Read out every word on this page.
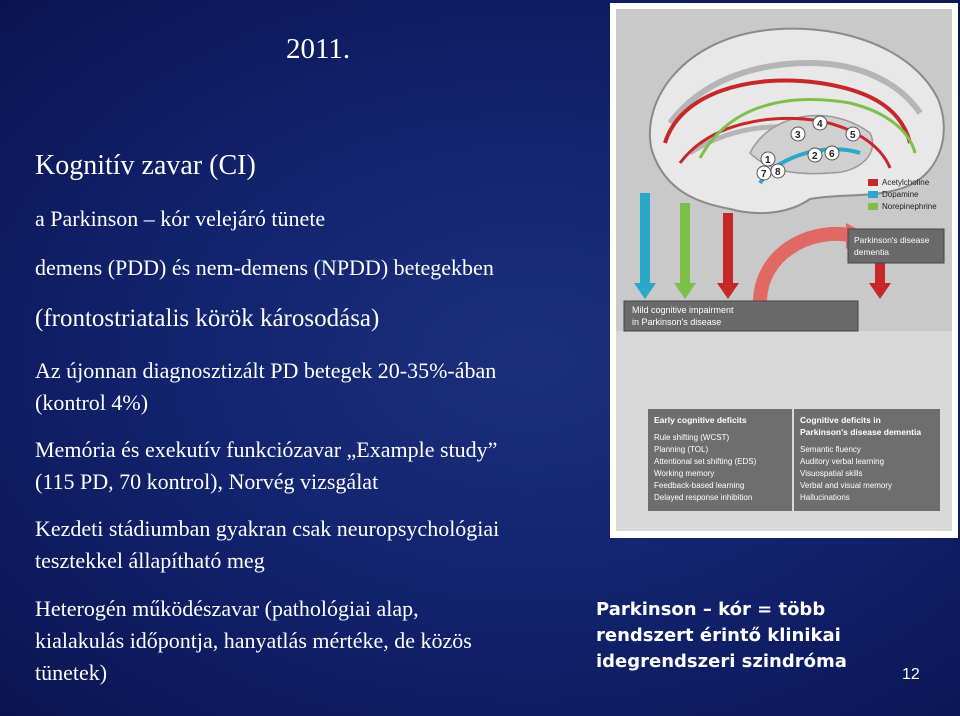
2011.
Kognitív zavar (CI)
a Parkinson – kór velejáró tünete
demens (PDD) és nem-demens (NPDD) betegekben
(frontostriatalis körök károsodása)
Az újonnan diagnosztizált PD betegek 20-35%-ában
(kontrol 4%)
Memória és exekutív funkciózavar „Example study”
(115 PD, 70 kontrol), Norvég vizsgálat
Kezdeti stádiumban gyakran csak neuropsychológiai
tesztekkel állapítható meg
Heterogén működészavar (pathológiai alap,
kialakulás időpontja, hanyatlás mértéke, de közös
tünetek)
Parkinson – kór = több
rendszert érintő klinikai
idegrendszeri szindróma
12
1	2
3
4
5
6
7 8
Acetylcholine
Dopamine
Norepinephrine
Parkinson's disease
dementia
Mild cognitive impairment
in Parkinson's disease
Early cognitive deficits
Rule shifting (WCST)
Planning (TOL)
Attentional set shifting (EDS)
Working memory
Feedback-based learning
Delayed response inhibition
Cognitive deficits in
Parkinson's disease dementia
Semantic fluency
Auditory verbal learning
Visuospatial skills
Verbal and visual memory
Hallucinations
